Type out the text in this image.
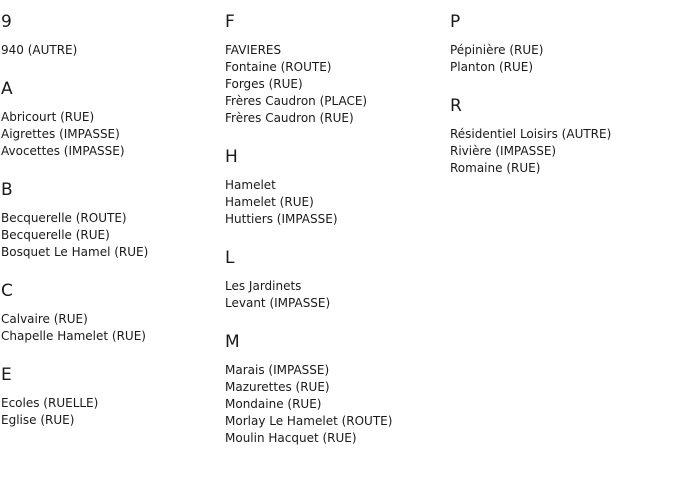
9
940 (AUTRE)
A
Abricourt (RUE)
Aigrettes (IMPASSE)
Avocettes (IMPASSE)
B
Becquerelle (ROUTE)
Becquerelle (RUE)
Bosquet Le Hamel (RUE)
C
Calvaire (RUE)
Chapelle Hamelet (RUE)
E
Ecoles (RUELLE)
Eglise (RUE)
F
FAVIERES
Fontaine (ROUTE)
Forges (RUE)
Frères Caudron (PLACE)
Frères Caudron (RUE)
H
Hamelet
Hamelet (RUE)
Huttiers (IMPASSE)
L
Les Jardinets
Levant (IMPASSE)
M
Marais (IMPASSE)
Mazurettes (RUE)
Mondaine (RUE)
Morlay Le Hamelet (ROUTE)
Moulin Hacquet (RUE)
P
Pépinière (RUE)
Planton (RUE)
R
Résidentiel Loisirs (AUTRE)
Rivière (IMPASSE)
Romaine (RUE)
